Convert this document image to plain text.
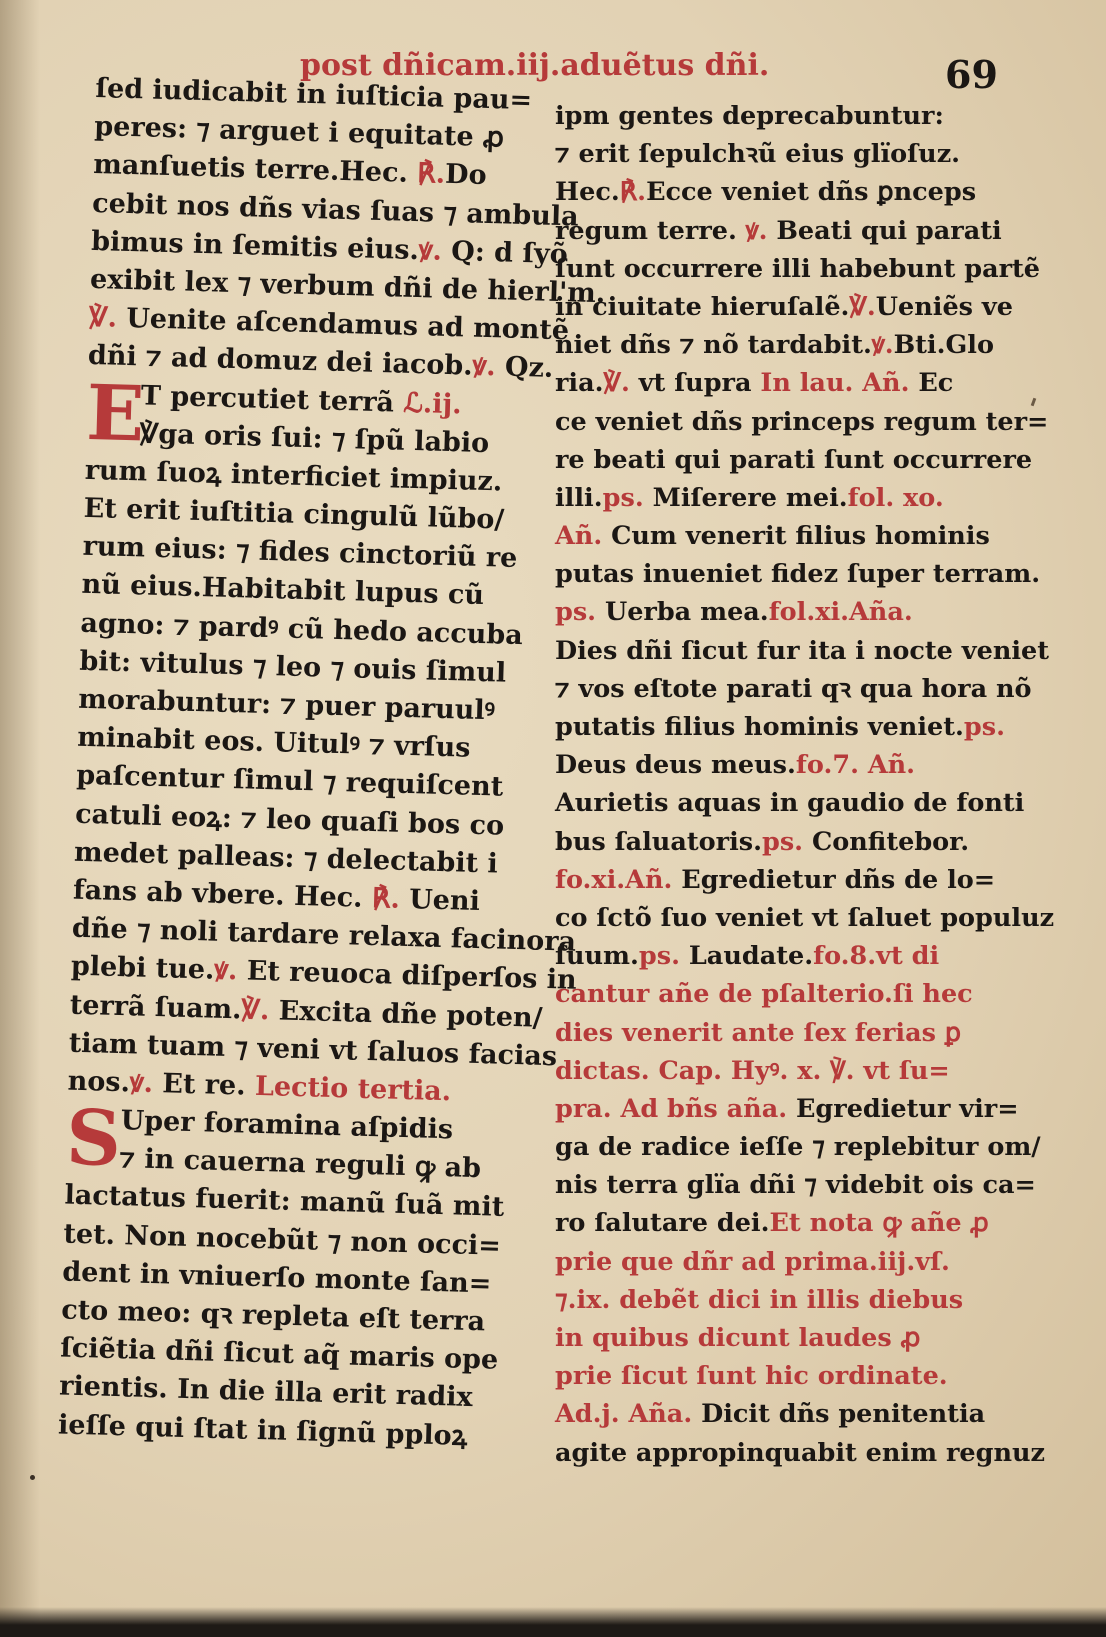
post dñicam.iij.aduẽtus dñi.	69
ſed iudicabit in iuſticia pau=
peres: ⁊ arguet i equitate ꝓ
manſuetis terre.Hec. ℟.Do
cebit nos dñs vias ſuas ⁊ ambula
bimus in ſemitis eius.ꝟ. Q: d ſyõ
exibit lex ⁊ verbum dñi de hierl'm.
℣. Uenite aſcendamus ad montẽ
dñi ⁊ ad domuz dei iacob.ꝟ. Qz.
E
T percutiet terrã ℒ.ij.
℣ga oris ſui: ⁊ ſpũ labio
rum ſuoꝝ interficiet impiuz.
Et erit iuſtitia cingulũ lũbo/
rum eius: ⁊ fides cinctoriũ re
nũ eius.Habitabit lupus cũ
agno: ⁊ pardꝰ cũ hedo accuba
bit: vitulus ⁊ leo ⁊ ouis ſimul
morabuntur: ⁊ puer paruulꝰ
minabit eos. Uitulꝰ ⁊ vrſus
paſcentur ſimul ⁊ requiſcent
catuli eoꝝ: ⁊ leo quaſi bos co
medet palleas: ⁊ delectabit i
fans ab vbere. Hec. ℟. Ueni
dñe ⁊ noli tardare relaxa facinora
plebi tue.ꝟ. Et reuoca diſperſos in
terrã ſuam.℣. Excita dñe poten/
tiam tuam ⁊ veni vt ſaluos facias
nos.ꝟ. Et re. Lectio tertia.
S
Uper foramina aſpidis
⁊ in cauerna reguli ꝙ ab
lactatus fuerit: manũ ſuã mit
tet. Non nocebũt ⁊ non occi=
dent in vniuerſo monte ſan=
cto meo: qꝛ repleta eſt terra
ſciẽtia dñi ſicut aq̃ maris ope
rientis. In die illa erit radix
ieſſe qui ſtat in ſignũ pploꝝ
ipm gentes deprecabuntur:
⁊ erit ſepulchꝛũ eius glïoſuz.
Hec.℟.Ecce veniet dñs ꝑnceps
regum terre. ꝟ. Beati qui parati
ſunt occurrere illi habebunt partẽ
in ciuitate hieruſalẽ.℣.Ueniẽs ve
niet dñs ⁊ nõ tardabit.ꝟ.Bti.Glo
ria.℣. vt ſupra In lau. Añ. Ec
ce veniet dñs princeps regum ter=
re beati qui parati ſunt occurrere
illi.ps. Miſerere mei.fol. xo.
Añ. Cum venerit filius hominis
putas inueniet fidez ſuper terram.
ps. Uerba mea.fol.xi.Aña.
Dies dñi ſicut fur ita i nocte veniet
⁊ vos eſtote parati qꝛ qua hora nõ
putatis filius hominis veniet.ps.
Deus deus meus.fo.7. Añ.
Aurietis aquas in gaudio de fonti
bus ſaluatoris.ps. Confitebor.
fo.xi.Añ. Egredietur dñs de lo=
co ſctõ ſuo veniet vt ſaluet populuz
ſuum.ps. Laudate.fo.8.vt di
cantur añe de pſalterio.ſi hec
dies venerit ante ſex ferias ꝑ
dictas. Cap. Hyꝰ. x. ℣. vt ſu=
pra. Ad bñs aña. Egredietur vir=
ga de radice ieſſe ⁊ replebitur om/
nis terra glïa dñi ⁊ videbit ois ca=
ro ſalutare dei.Et nota ꝙ añe ꝓ
prie que dñr ad prima.iij.vſ.
⁊.ix. debẽt dici in illis diebus
in quibus dicunt laudes ꝓ
prie ſicut ſunt hic ordinate.
Ad.j. Aña. Dicit dñs penitentia
agite appropinquabit enim regnuz
